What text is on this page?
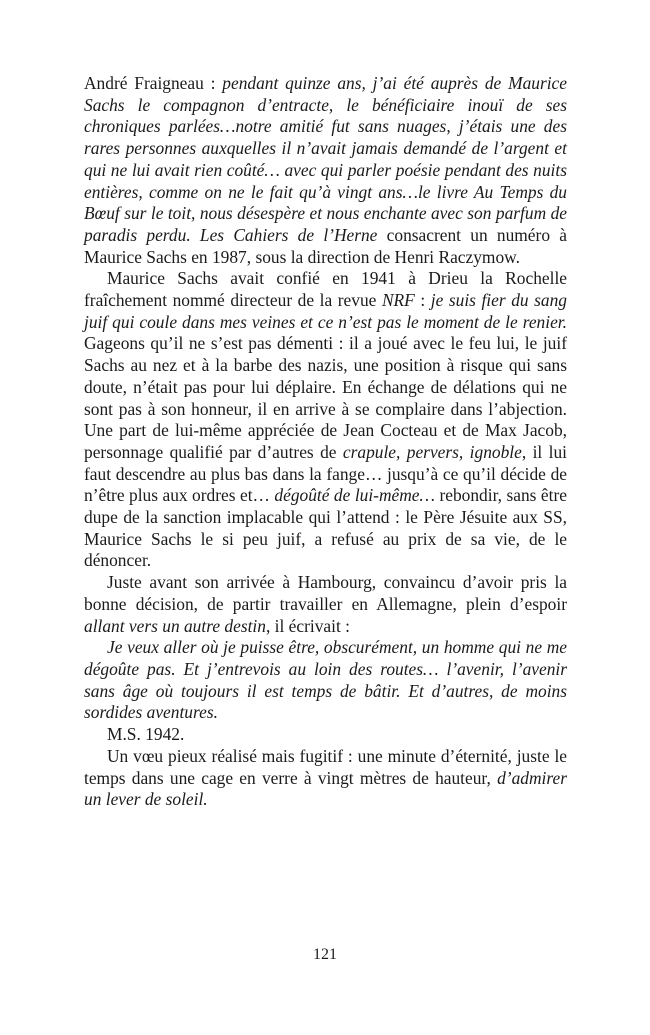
André Fraigneau : pendant quinze ans, j’ai été auprès de Maurice Sachs le compagnon d’entracte, le bénéficiaire inouï de ses chroniques parlées…notre amitié fut sans nuages, j’étais une des rares personnes auxquelles il n’avait jamais demandé de l’argent et qui ne lui avait rien coûté… avec qui parler poésie pendant des nuits entières, comme on ne le fait qu’à vingt ans…le livre Au Temps du Bœuf sur le toit, nous désespère et nous enchante avec son parfum de paradis perdu. Les Cahiers de l’Herne consacrent un numéro à Maurice Sachs en 1987, sous la direction de Henri Raczymow.

Maurice Sachs avait confié en 1941 à Drieu la Rochelle fraîchement nommé directeur de la revue NRF : je suis fier du sang juif qui coule dans mes veines et ce n’est pas le moment de le renier. Gageons qu’il ne s’est pas démenti : il a joué avec le feu lui, le juif Sachs au nez et à la barbe des nazis, une position à risque qui sans doute, n’était pas pour lui déplaire. En échange de délations qui ne sont pas à son honneur, il en arrive à se complaire dans l’abjection. Une part de lui-même appréciée de Jean Cocteau et de Max Jacob, personnage qualifié par d’autres de crapule, pervers, ignoble, il lui faut descendre au plus bas dans la fange… jusqu’à ce qu’il décide de n’être plus aux ordres et… dégoûté de lui-même… rebondir, sans être dupe de la sanction implacable qui l’attend : le Père Jésuite aux SS, Maurice Sachs le si peu juif, a refusé au prix de sa vie, de le dénoncer.

Juste avant son arrivée à Hambourg, convaincu d’avoir pris la bonne décision, de partir travailler en Allemagne, plein d’espoir allant vers un autre destin, il écrivait :

Je veux aller où je puisse être, obscurément, un homme qui ne me dégoûte pas. Et j’entrevois au loin des routes… l’avenir, l’avenir sans âge où toujours il est temps de bâtir. Et d’autres, de moins sordides aventures.

M.S. 1942.

Un vœu pieux réalisé mais fugitif : une minute d’éternité, juste le temps dans une cage en verre à vingt mètres de hauteur, d’admirer un lever de soleil.

121
